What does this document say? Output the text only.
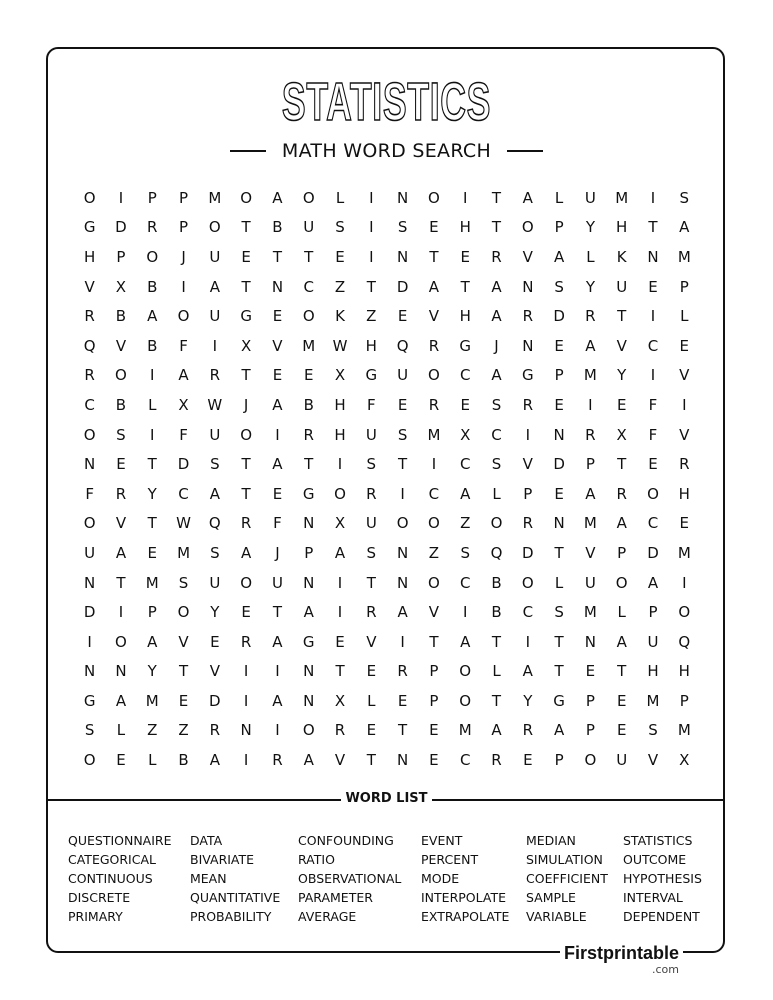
STATISTICS
MATH WORD SEARCH
O	I	P	P	M	O	A	O	L	I	N	O	I	T	A	L	U	M	I	S
G	D	R	P	O	T	B	U	S	I	S	E	H	T	O	P	Y	H	T	A
H	P	O	J	U	E	T	T	E	I	N	T	E	R	V	A	L	K	N	M
V	X	B	I	A	T	N	C	Z	T	D	A	T	A	N	S	Y	U	E	P
R	B	A	O	U	G	E	O	K	Z	E	V	H	A	R	D	R	T	I	L
Q	V	B	F	I	X	V	M	W	H	Q	R	G	J	N	E	A	V	C	E
R	O	I	A	R	T	E	E	X	G	U	O	C	A	G	P	M	Y	I	V
C	B	L	X	W	J	A	B	H	F	E	R	E	S	R	E	I	E	F	I
O	S	I	F	U	O	I	R	H	U	S	M	X	C	I	N	R	X	F	V
N	E	T	D	S	T	A	T	I	S	T	I	C	S	V	D	P	T	E	R
F	R	Y	C	A	T	E	G	O	R	I	C	A	L	P	E	A	R	O	H
O	V	T	W	Q	R	F	N	X	U	O	O	Z	O	R	N	M	A	C	E
U	A	E	M	S	A	J	P	A	S	N	Z	S	Q	D	T	V	P	D	M
N	T	M	S	U	O	U	N	I	T	N	O	C	B	O	L	U	O	A	I
D	I	P	O	Y	E	T	A	I	R	A	V	I	B	C	S	M	L	P	O
I	O	A	V	E	R	A	G	E	V	I	T	A	T	I	T	N	A	U	Q
N	N	Y	T	V	I	I	N	T	E	R	P	O	L	A	T	E	T	H	H
G	A	M	E	D	I	A	N	X	L	E	P	O	T	Y	G	P	E	M	P
S	L	Z	Z	R	N	I	O	R	E	T	E	M	A	R	A	P	E	S	M
O	E	L	B	A	I	R	A	V	T	N	E	C	R	E	P	O	U	V	X
WORD LIST
QUESTIONNAIRE
CATEGORICAL
CONTINUOUS
DISCRETE
PRIMARY
DATA
BIVARIATE
MEAN
QUANTITATIVE
PROBABILITY
CONFOUNDING
RATIO
OBSERVATIONAL
PARAMETER
AVERAGE
EVENT
PERCENT
MODE
INTERPOLATE
EXTRAPOLATE
MEDIAN
SIMULATION
COEFFICIENT
SAMPLE
VARIABLE
STATISTICS
OUTCOME
HYPOTHESIS
INTERVAL
DEPENDENT
Firstprintable
.com
